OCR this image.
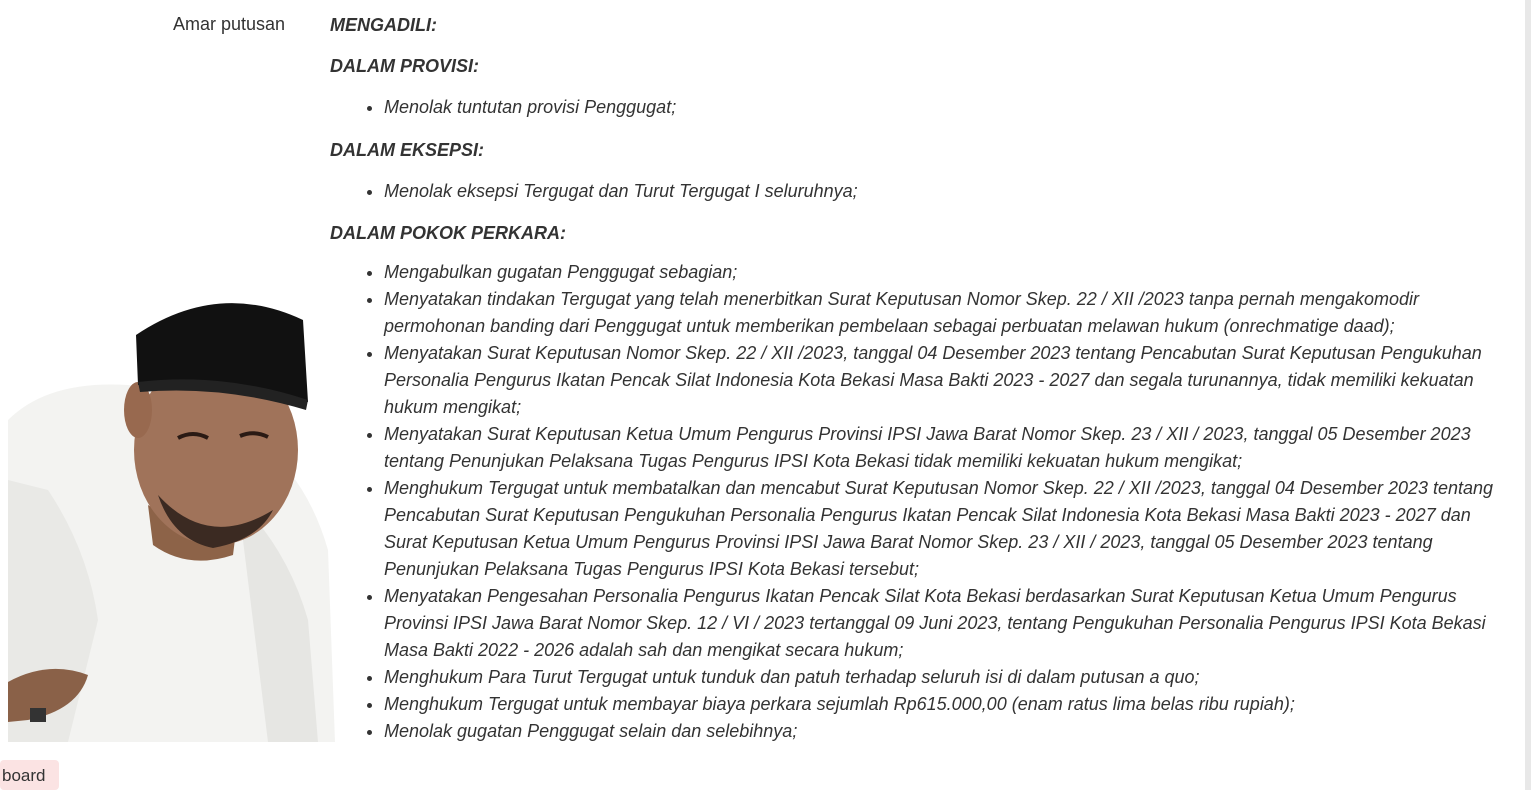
Amar putusan MENGADILI:

DALAM PROVISI:

• Menolak tuntutan provisi Penggugat;

DALAM EKSEPSI:

• Menolak eksepsi Tergugat dan Turut Tergugat I seluruhnya;

DALAM POKOK PERKARA:

• Mengabulkan gugatan Penggugat sebagian;
• Menyatakan tindakan Tergugat yang telah menerbitkan Surat Keputusan Nomor Skep. 22 / XII /2023 tanpa pernah mengakomodir permohonan banding dari Penggugat untuk memberikan pembelaan sebagai perbuatan melawan hukum (onrechmatige daad);
• Menyatakan Surat Keputusan Nomor Skep. 22 / XII /2023, tanggal 04 Desember 2023 tentang Pencabutan Surat Keputusan Pengukuhan Personalia Pengurus Ikatan Pencak Silat Indonesia Kota Bekasi Masa Bakti 2023 - 2027 dan segala turunannya, tidak memiliki kekuatan hukum mengikat;
• Menyatakan Surat Keputusan Ketua Umum Pengurus Provinsi IPSI Jawa Barat Nomor Skep. 23 / XII / 2023, tanggal 05 Desember 2023 tentang Penunjukan Pelaksana Tugas Pengurus IPSI Kota Bekasi tidak memiliki kekuatan hukum mengikat;
• Menghukum Tergugat untuk membatalkan dan mencabut Surat Keputusan Nomor Skep. 22 / XII /2023, tanggal 04 Desember 2023 tentang Pencabutan Surat Keputusan Pengukuhan Personalia Pengurus Ikatan Pencak Silat Indonesia Kota Bekasi Masa Bakti 2023 - 2027 dan Surat Keputusan Ketua Umum Pengurus Provinsi IPSI Jawa Barat Nomor Skep. 23 / XII / 2023, tanggal 05 Desember 2023 tentang Penunjukan Pelaksana Tugas Pengurus IPSI Kota Bekasi tersebut;
• Menyatakan Pengesahan Personalia Pengurus Ikatan Pencak Silat Kota Bekasi berdasarkan Surat Keputusan Ketua Umum Pengurus Provinsi IPSI Jawa Barat Nomor Skep. 12 / VI / 2023 tertanggal 09 Juni 2023, tentang Pengukuhan Personalia Pengurus IPSI Kota Bekasi Masa Bakti 2022 - 2026 adalah sah dan mengikat secara hukum;
• Menghukum Para Turut Tergugat untuk tunduk dan patuh terhadap seluruh isi di dalam putusan a quo;
• Menghukum Tergugat untuk membayar biaya perkara sejumlah Rp615.000,00 (enam ratus lima belas ribu rupiah);
• Menolak gugatan Penggugat selain dan selebihnya;
board
